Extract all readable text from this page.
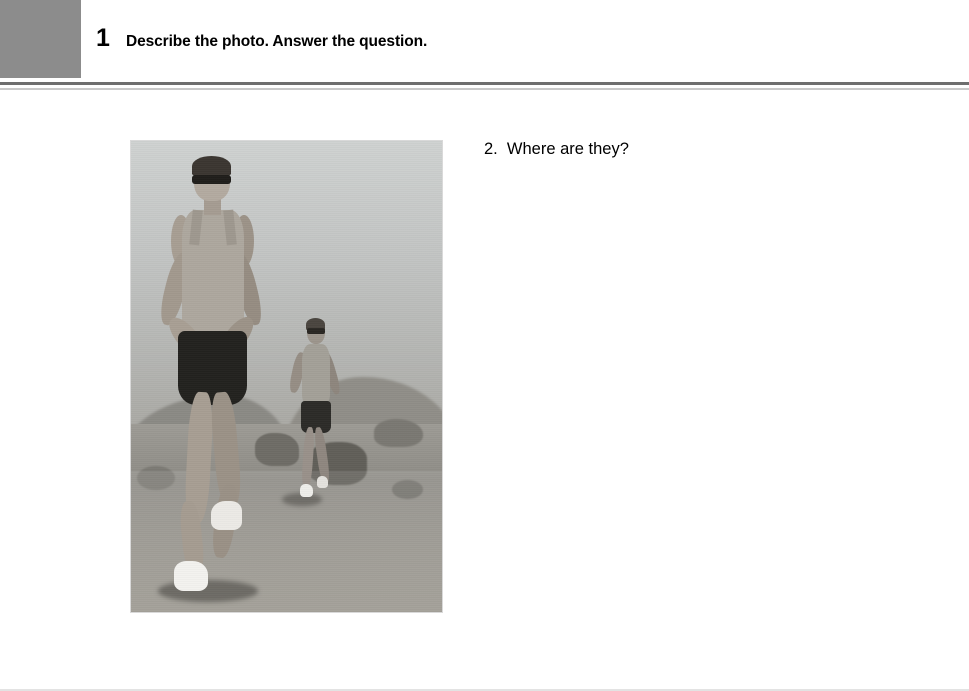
1 Describe the photo. Answer the question.
2.  Where are they?
